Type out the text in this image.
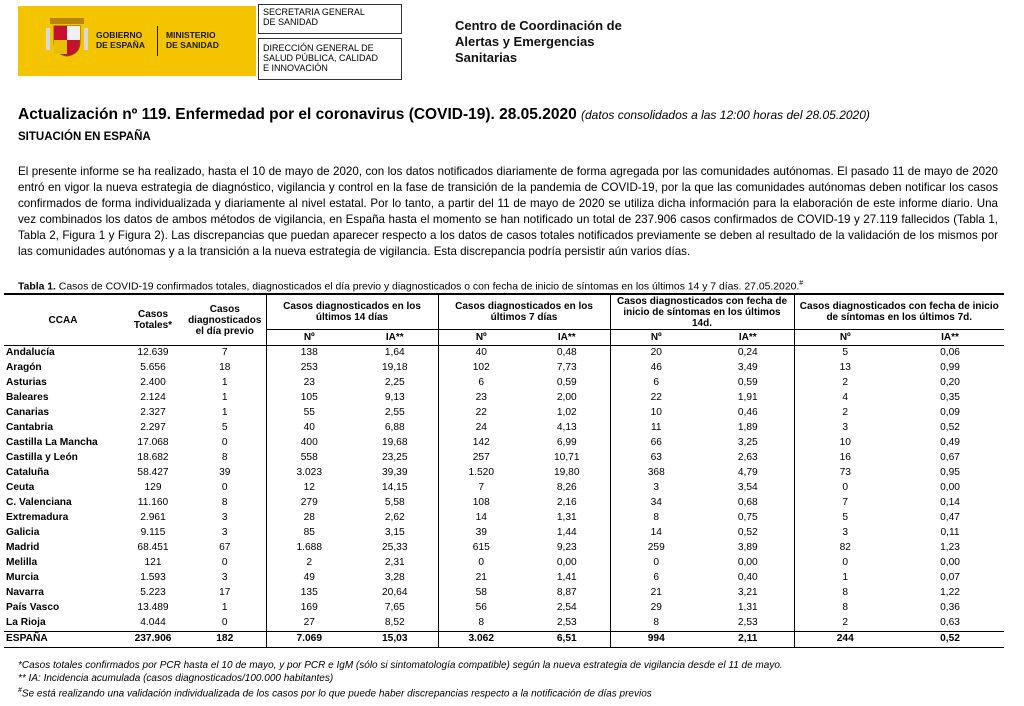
GOBIERNO
DE ESPAÑA
MINISTERIO
DE SANIDAD
SECRETARIA GENERAL
DE SANIDAD
DIRECCIÓN GENERAL DE
SALUD PÚBLICA, CALIDAD
E INNOVACIÓN
Centro de Coordinación de
Alertas y Emergencias
Sanitarias
Actualización nº 119. Enfermedad por el coronavirus (COVID-19). 28.05.2020 (datos consolidados a las 12:00 horas del 28.05.2020)
SITUACIÓN EN ESPAÑA
El presente informe se ha realizado, hasta el 10 de mayo de 2020, con los datos notificados diariamente de forma agregada por las comunidades autónomas. El pasado 11 de mayo de 2020 entró en vigor la nueva estrategia de diagnóstico, vigilancia y control en la fase de transición de la pandemia de COVID-19, por la que las comunidades autónomas deben notificar los casos confirmados de forma individualizada y diariamente al nivel estatal. Por lo tanto, a partir del 11 de mayo de 2020 se utiliza dicha información para la elaboración de este informe diario. Una vez combinados los datos de ambos métodos de vigilancia, en España hasta el momento se han notificado un total de 237.906 casos confirmados de COVID-19 y 27.119 fallecidos (Tabla 1, Tabla 2, Figura 1 y Figura 2). Las discrepancias que puedan aparecer respecto a los datos de casos totales notificados previamente se deben al resultado de la validación de los mismos por las comunidades autónomas y a la transición a la nueva estrategia de vigilancia. Esta discrepancia podría persistir aún varios días.
Tabla 1. Casos de COVID-19 confirmados totales, diagnosticados el día previo y diagnosticados o con fecha de inicio de síntomas en los últimos 14 y 7 días. 27.05.2020.#
CCAA	Casos Totales*	Casos diagnosticados el día previo	Casos diagnosticados en los últimos 14 días		Casos diagnosticados en los últimos 7 días		Casos diagnosticados con fecha de inicio de síntomas en los últimos 14d.		Casos diagnosticados con fecha de inicio de síntomas en los últimos 7d.	
			Nº	IA**	Nº	IA**	Nº	IA**	Nº	IA**
Andalucía	12.639	7	138	1,64	40	0,48	20	0,24	5	0,06
Aragón	5.656	18	253	19,18	102	7,73	46	3,49	13	0,99
Asturias	2.400	1	23	2,25	6	0,59	6	0,59	2	0,20
Baleares	2.124	1	105	9,13	23	2,00	22	1,91	4	0,35
Canarias	2.327	1	55	2,55	22	1,02	10	0,46	2	0,09
Cantabria	2.297	5	40	6,88	24	4,13	11	1,89	3	0,52
Castilla La Mancha	17.068	0	400	19,68	142	6,99	66	3,25	10	0,49
Castilla y León	18.682	8	558	23,25	257	10,71	63	2,63	16	0,67
Cataluña	58.427	39	3.023	39,39	1.520	19,80	368	4,79	73	0,95
Ceuta	129	0	12	14,15	7	8,26	3	3,54	0	0,00
C. Valenciana	11.160	8	279	5,58	108	2,16	34	0,68	7	0,14
Extremadura	2.961	3	28	2,62	14	1,31	8	0,75	5	0,47
Galicia	9.115	3	85	3,15	39	1,44	14	0,52	3	0,11
Madrid	68.451	67	1.688	25,33	615	9,23	259	3,89	82	1,23
Melilla	121	0	2	2,31	0	0,00	0	0,00	0	0,00
Murcia	1.593	3	49	3,28	21	1,41	6	0,40	1	0,07
Navarra	5.223	17	135	20,64	58	8,87	21	3,21	8	1,22
País Vasco	13.489	1	169	7,65	56	2,54	29	1,31	8	0,36
La Rioja	4.044	0	27	8,52	8	2,53	8	2,53	2	0,63
ESPAÑA	237.906	182	7.069	15,03	3.062	6,51	994	2,11	244	0,52
*Casos totales confirmados por PCR hasta el 10 de mayo, y por PCR e IgM (sólo si sintomatología compatible) según la nueva estrategia de vigilancia desde el 11 de mayo.
** IA: Incidencia acumulada (casos diagnosticados/100.000 habitantes)
#Se está realizando una validación individualizada de los casos por lo que puede haber discrepancias respecto a la notificación de días previos
